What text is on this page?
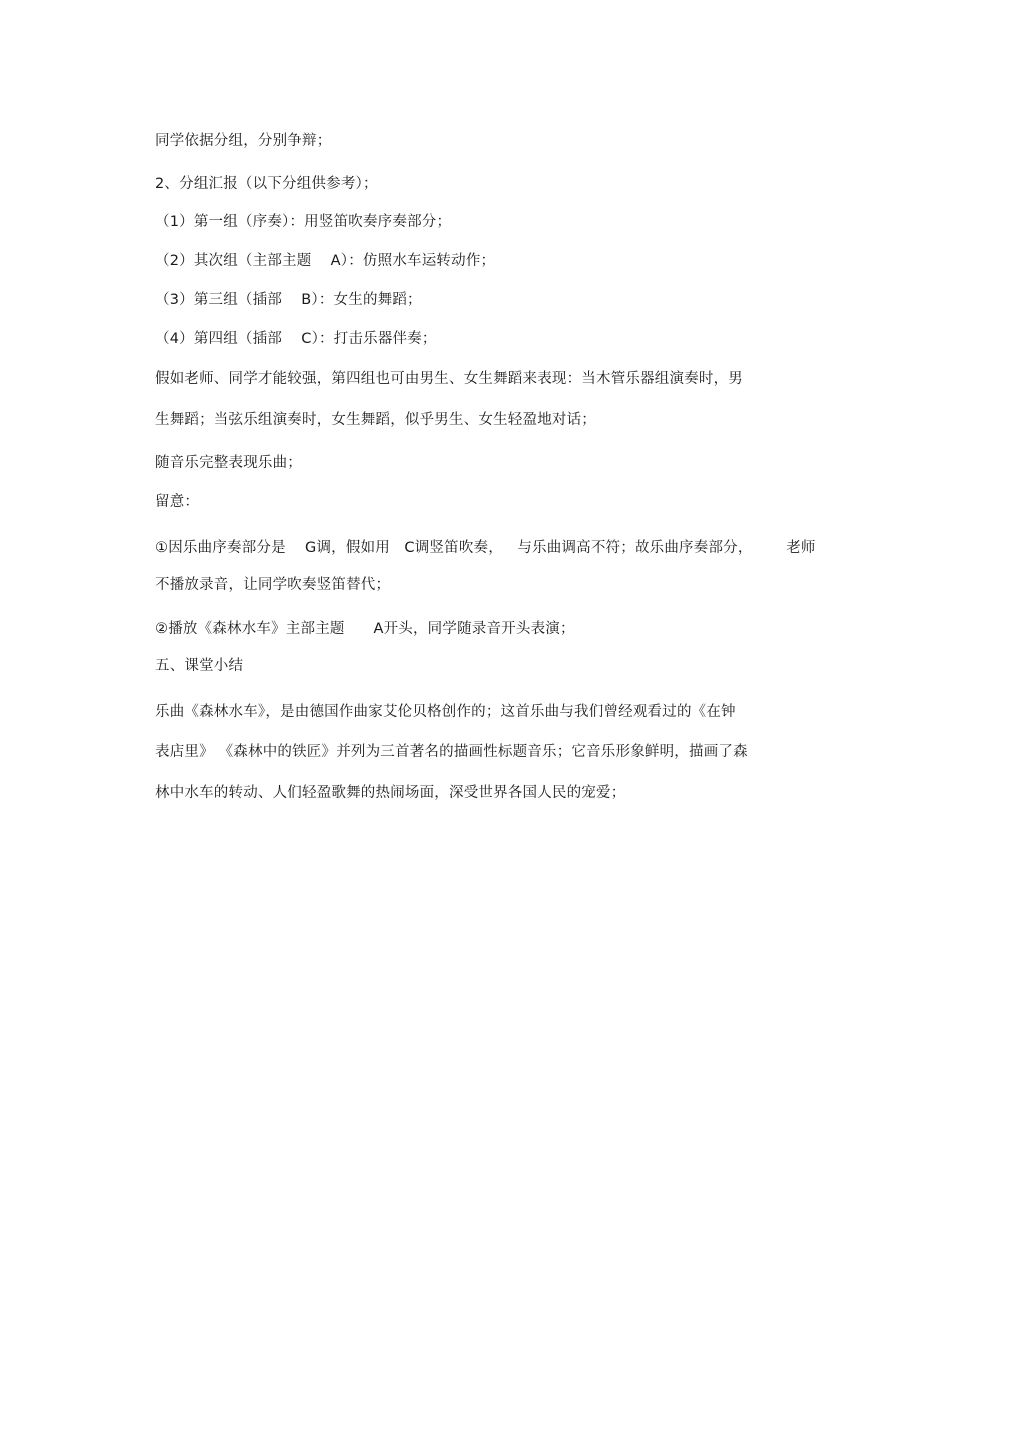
同学依据分组，分别争辩；
2、分组汇报（以下分组供参考）；
（1）第一组（序奏）：用竖笛吹奏序奏部分；
（2）其次组（主部主题    A）：仿照水车运转动作；
（3）第三组（插部    B）：女生的舞蹈；
（4）第四组（插部    C）：打击乐器伴奏；
假如老师、同学才能较强，第四组也可由男生、女生舞蹈来表现：当木管乐器组演奏时，男
生舞蹈；当弦乐组演奏时，女生舞蹈，似乎男生、女生轻盈地对话；
随音乐完整表现乐曲；
留意：
①因乐曲序奏部分是    G调，假如用   C调竖笛吹奏，   与乐曲调高不符；故乐曲序奏部分，       老师
不播放录音，让同学吹奏竖笛替代；
②播放《森林水车》主部主题      A开头，同学随录音开头表演；
五、课堂小结
乐曲《森林水车》，是由德国作曲家艾伦贝格创作的；这首乐曲与我们曾经观看过的《在钟
表店里》 《森林中的铁匠》并列为三首著名的描画性标题音乐；它音乐形象鲜明，描画了森
林中水车的转动、人们轻盈歌舞的热闹场面，深受世界各国人民的宠爱；
